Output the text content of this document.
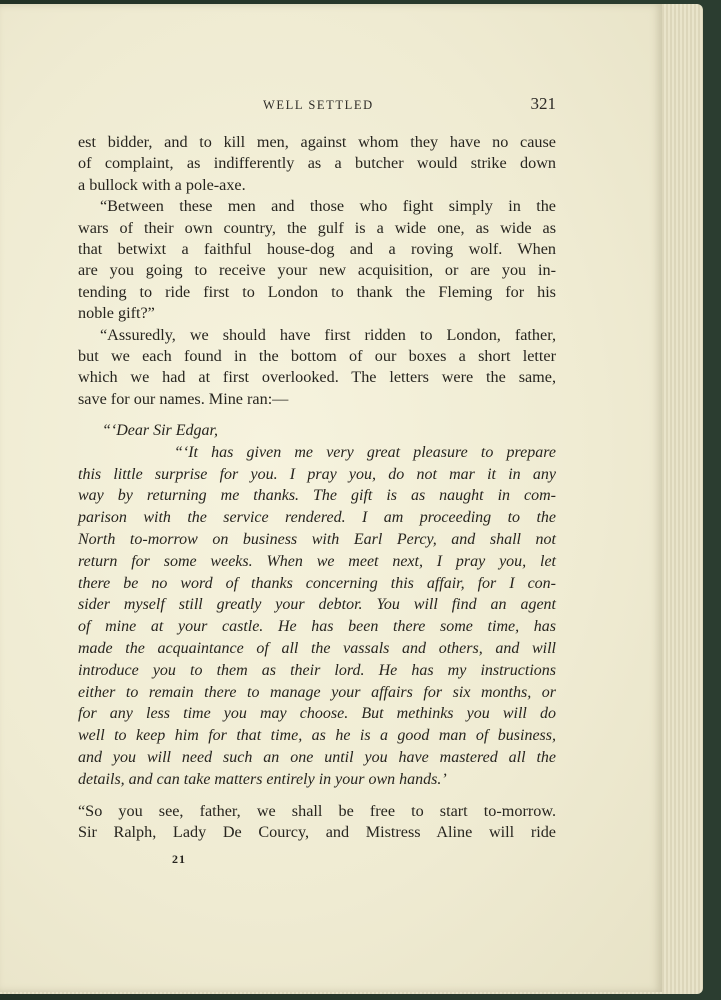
WELL SETTLED	321
est bidder, and to kill men, against whom they have no cause
of complaint, as indifferently as a butcher would strike down
a bullock with a pole-axe.
“Between these men and those who fight simply in the
wars of their own country, the gulf is a wide one, as wide as
that betwixt a faithful house-dog and a roving wolf. When
are you going to receive your new acquisition, or are you in-
tending to ride first to London to thank the Fleming for his
noble gift?”
“Assuredly, we should have first ridden to London, father,
but we each found in the bottom of our boxes a short letter
which we had at first overlooked. The letters were the same,
save for our names. Mine ran:—
“‘Dear Sir Edgar,
“‘It has given me very great pleasure to prepare
this little surprise for you. I pray you, do not mar it in any
way by returning me thanks. The gift is as naught in com-
parison with the service rendered. I am proceeding to the
North to-morrow on business with Earl Percy, and shall not
return for some weeks. When we meet next, I pray you, let
there be no word of thanks concerning this affair, for I con-
sider myself still greatly your debtor. You will find an agent
of mine at your castle. He has been there some time, has
made the acquaintance of all the vassals and others, and will
introduce you to them as their lord. He has my instructions
either to remain there to manage your affairs for six months, or
for any less time you may choose. But methinks you will do
well to keep him for that time, as he is a good man of business,
and you will need such an one until you have mastered all the
details, and can take matters entirely in your own hands.’
“So you see, father, we shall be free to start to-morrow.
Sir Ralph, Lady De Courcy, and Mistress Aline will ride
21
